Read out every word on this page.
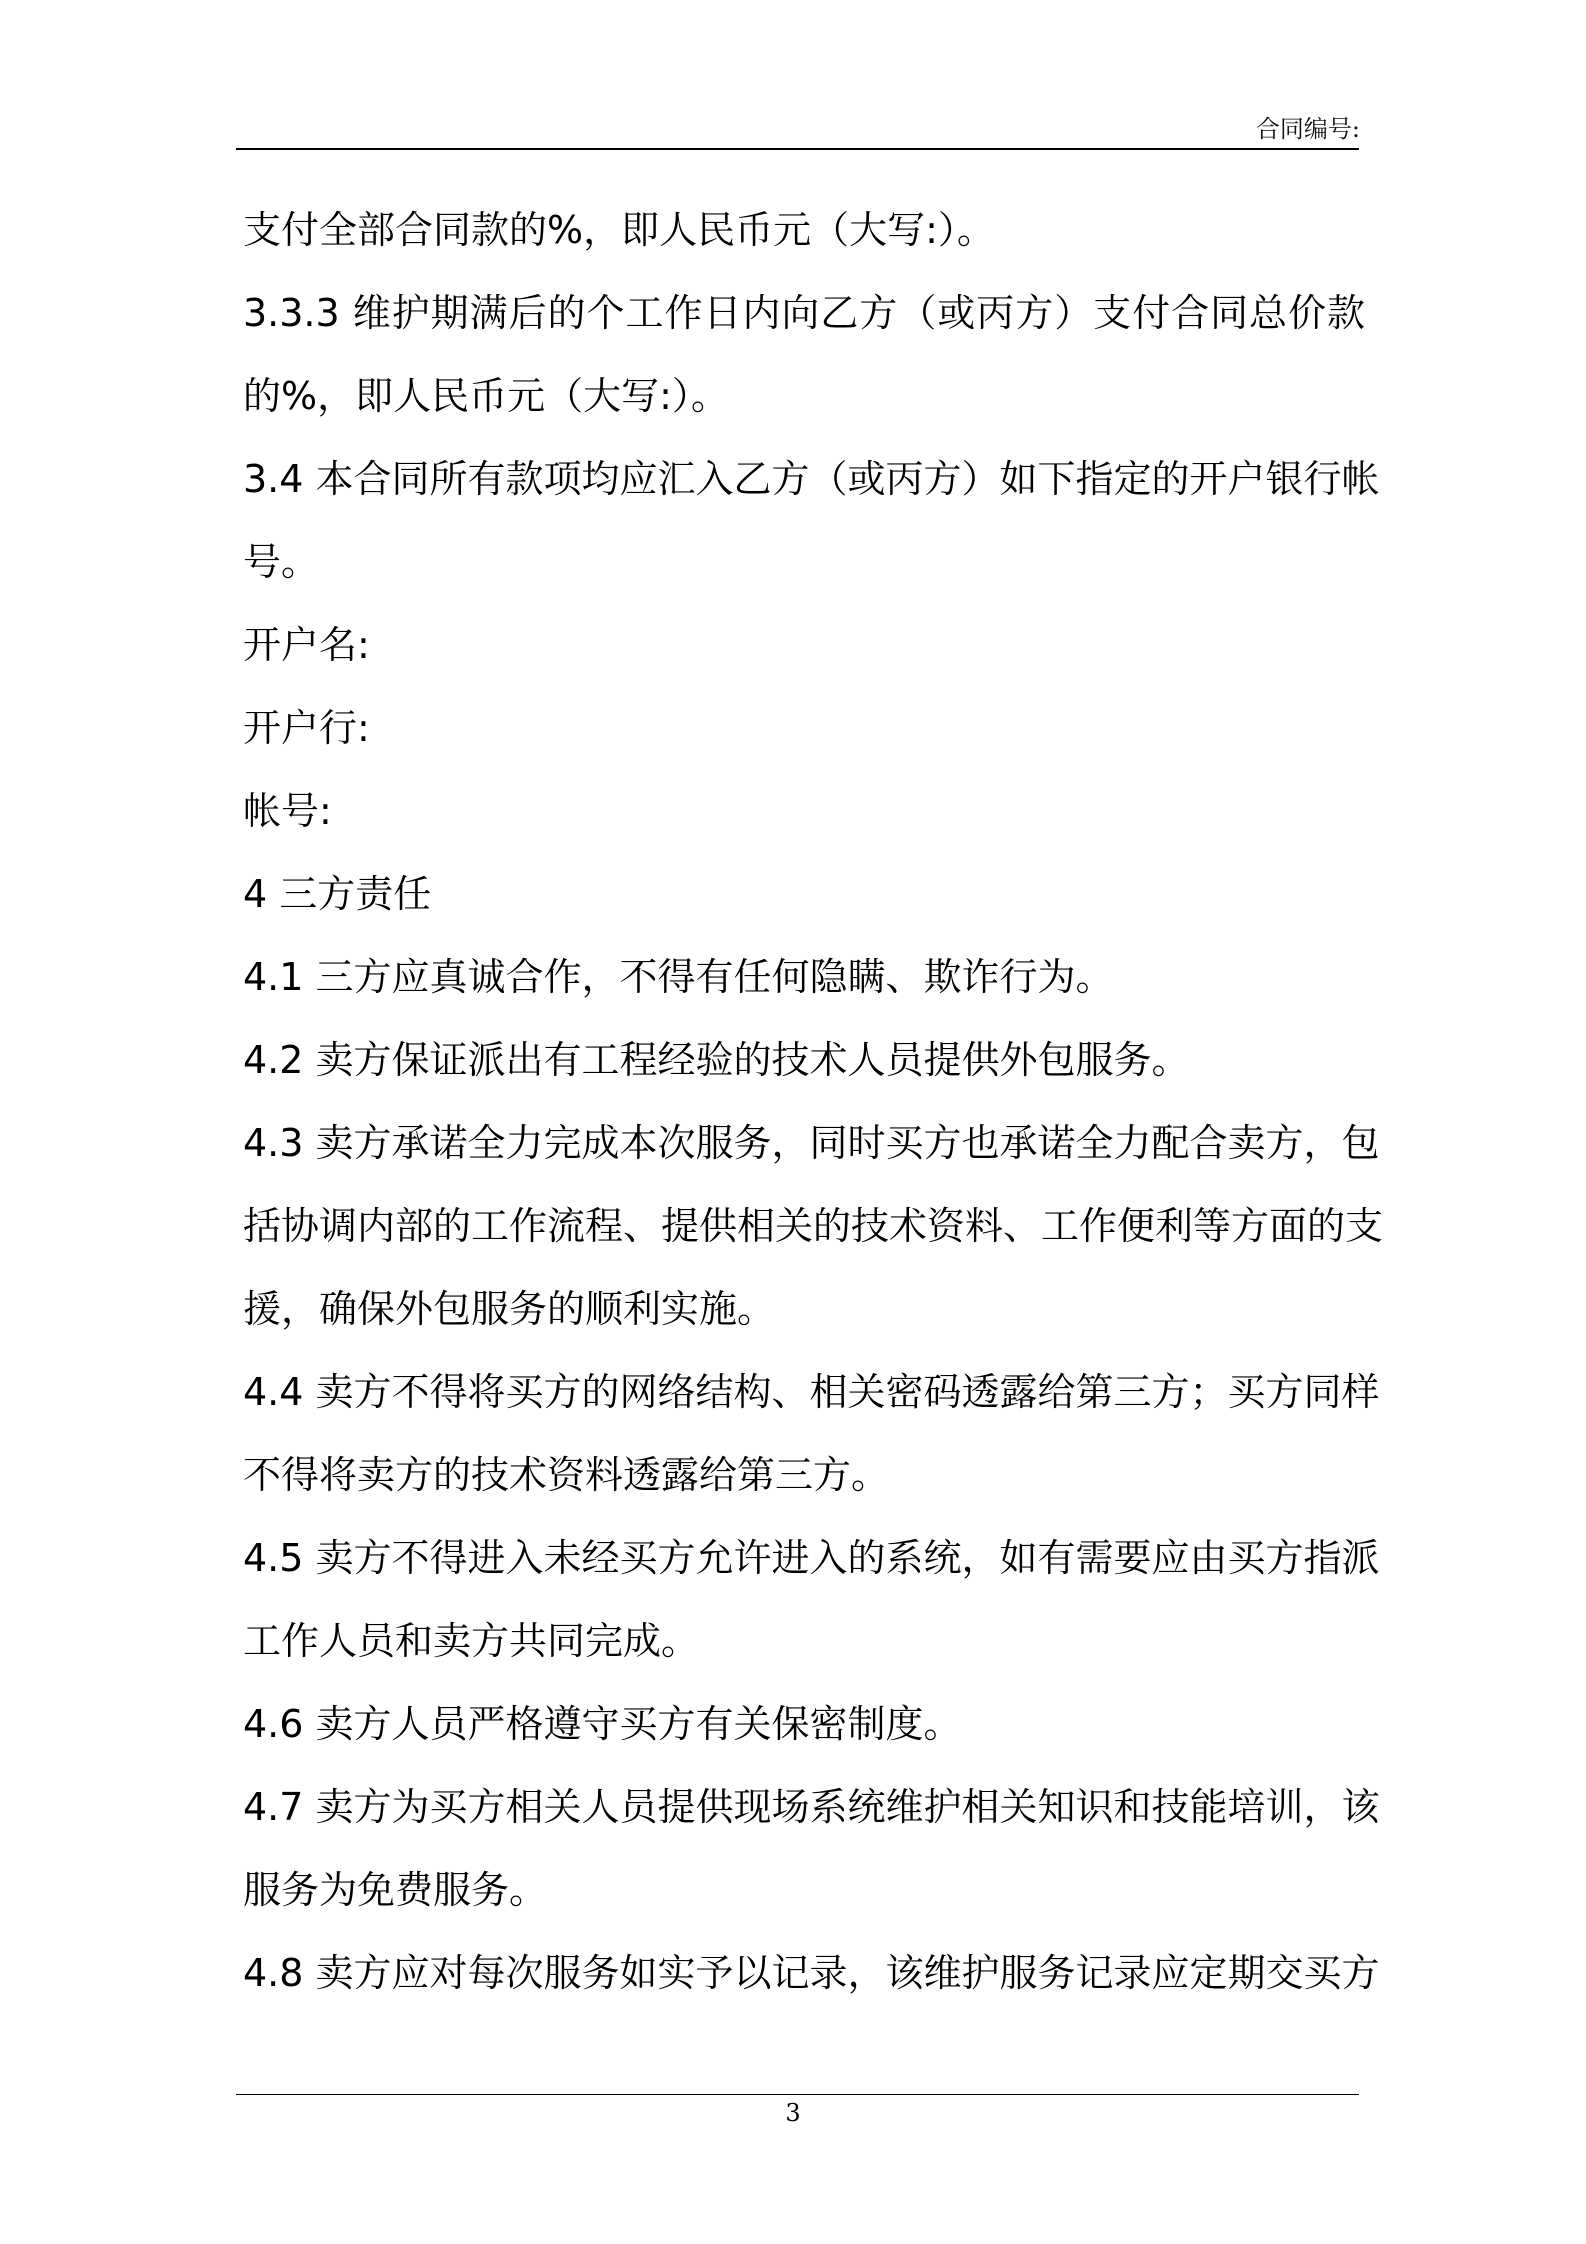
合同编号:
支付全部合同款的%，即人民币元（大写:）。
3.3.3 维护期满后的个工作日内向乙方（或丙方）支付合同总价款
的%，即人民币元（大写:）。
3.4 本合同所有款项均应汇入乙方（或丙方）如下指定的开户银行帐
号。
开户名:
开户行:
帐号:
4 三方责任
4.1 三方应真诚合作，不得有任何隐瞒、欺诈行为。
4.2 卖方保证派出有工程经验的技术人员提供外包服务。
4.3 卖方承诺全力完成本次服务，同时买方也承诺全力配合卖方，包
括协调内部的工作流程、提供相关的技术资料、工作便利等方面的支
援，确保外包服务的顺利实施。
4.4 卖方不得将买方的网络结构、相关密码透露给第三方；买方同样
不得将卖方的技术资料透露给第三方。
4.5 卖方不得进入未经买方允许进入的系统，如有需要应由买方指派
工作人员和卖方共同完成。
4.6 卖方人员严格遵守买方有关保密制度。
4.7 卖方为买方相关人员提供现场系统维护相关知识和技能培训，该
服务为免费服务。
4.8 卖方应对每次服务如实予以记录，该维护服务记录应定期交买方
3
